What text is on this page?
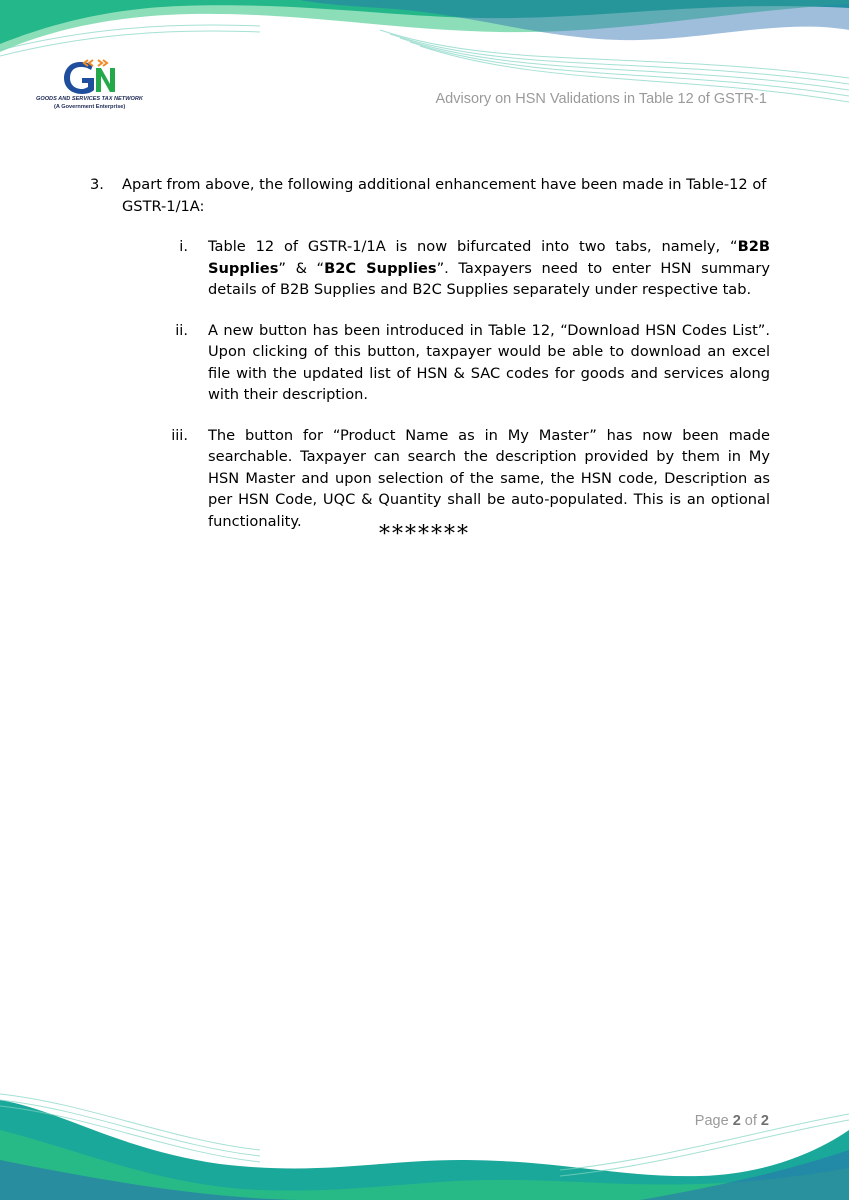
GOODS AND SERVICES TAX NETWORK
(A Government Enterprise)	Advisory on HSN Validations in Table 12 of GSTR-1
3. Apart from above, the following additional enhancement have been made in Table-12 of GSTR-1/1A:
i. Table 12 of GSTR-1/1A is now bifurcated into two tabs, namely, “B2B Supplies” & “B2C Supplies”. Taxpayers need to enter HSN summary details of B2B Supplies and B2C Supplies separately under respective tab.
ii. A new button has been introduced in Table 12, “Download HSN Codes List”. Upon clicking of this button, taxpayer would be able to download an excel file with the updated list of HSN & SAC codes for goods and services along with their description.
iii. The button for “Product Name as in My Master” has now been made searchable. Taxpayer can search the description provided by them in My HSN Master and upon selection of the same, the HSN code, Description as per HSN Code, UQC & Quantity shall be auto-populated. This is an optional functionality.
*******
Page 2 of 2
